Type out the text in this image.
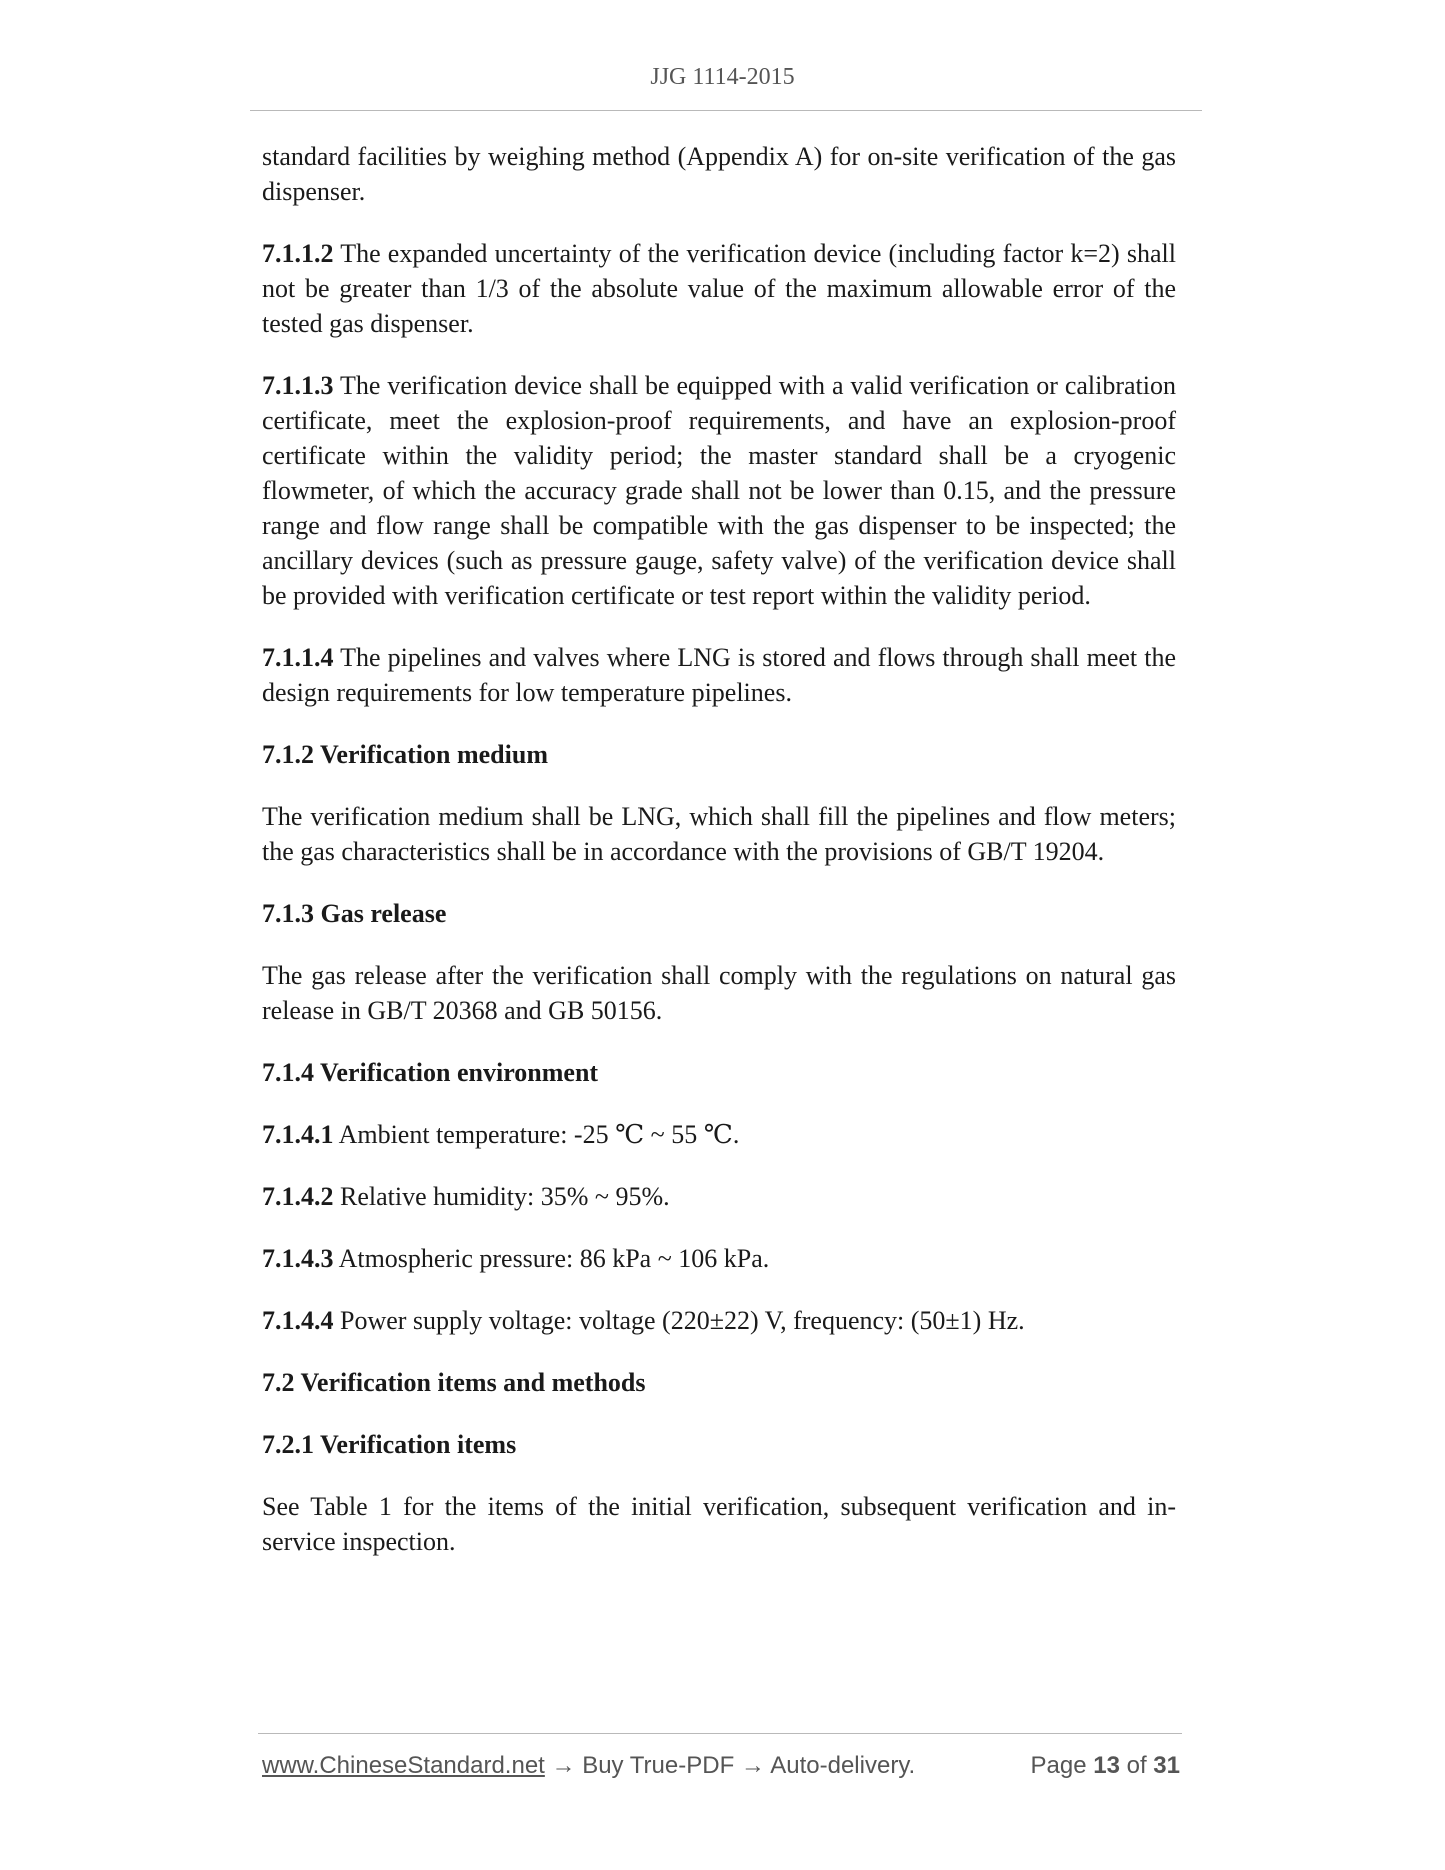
JJG 1114-2015

standard facilities by weighing method (Appendix A) for on-site verification of the gas dispenser.

7.1.1.2 The expanded uncertainty of the verification device (including factor k=2) shall not be greater than 1/3 of the absolute value of the maximum allowable error of the tested gas dispenser.

7.1.1.3 The verification device shall be equipped with a valid verification or calibration certificate, meet the explosion-proof requirements, and have an explosion-proof certificate within the validity period; the master standard shall be a cryogenic flowmeter, of which the accuracy grade shall not be lower than 0.15, and the pressure range and flow range shall be compatible with the gas dispenser to be inspected; the ancillary devices (such as pressure gauge, safety valve) of the verification device shall be provided with verification certificate or test report within the validity period.

7.1.1.4 The pipelines and valves where LNG is stored and flows through shall meet the design requirements for low temperature pipelines.

7.1.2 Verification medium

The verification medium shall be LNG, which shall fill the pipelines and flow meters; the gas characteristics shall be in accordance with the provisions of GB/T 19204.

7.1.3 Gas release

The gas release after the verification shall comply with the regulations on natural gas release in GB/T 20368 and GB 50156.

7.1.4 Verification environment

7.1.4.1 Ambient temperature: -25 ℃ ~ 55 ℃.

7.1.4.2 Relative humidity: 35% ~ 95%.

7.1.4.3 Atmospheric pressure: 86 kPa ~ 106 kPa.

7.1.4.4 Power supply voltage: voltage (220±22) V, frequency: (50±1) Hz.

7.2 Verification items and methods
7.2.1 Verification items

See Table 1 for the items of the initial verification, subsequent verification and in-service inspection.

www.ChineseStandard.net → Buy True-PDF → Auto-delivery.	Page 13 of 31
